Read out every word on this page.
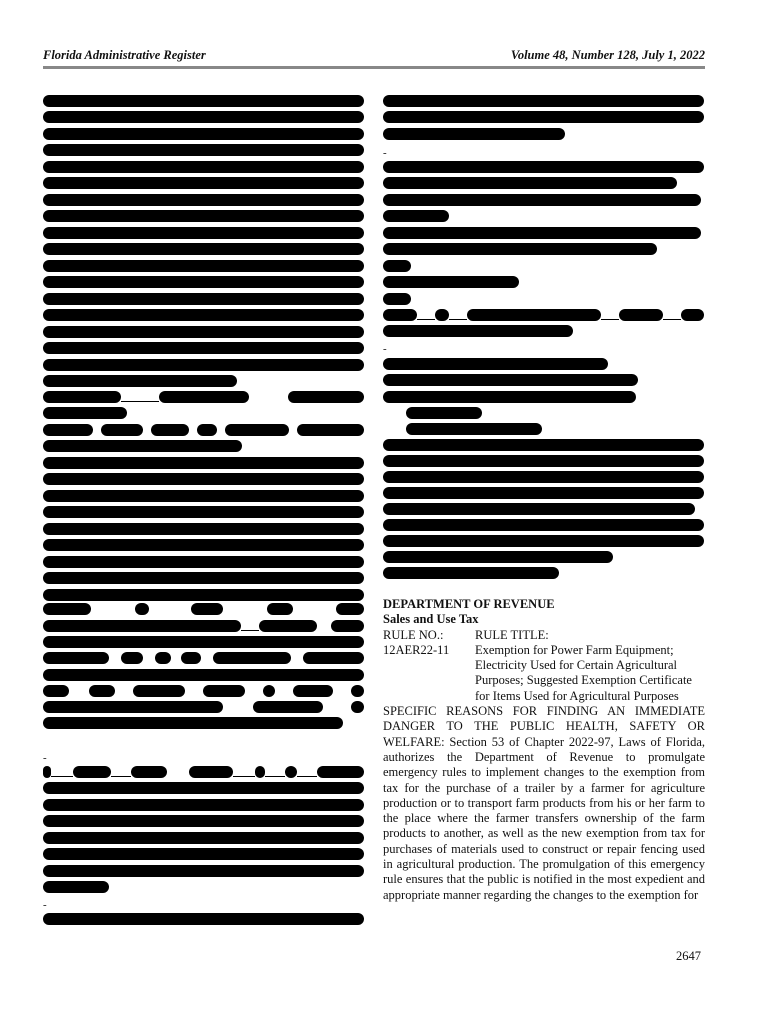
Florida Administrative Register	Volume 48, Number 128, July 1, 2022
-
-
-
-
DEPARTMENT OF REVENUE
Sales and Use Tax
RULE NO.:	RULE TITLE:
12AER22-11	Exemption for Power Farm Equipment; Electricity Used for Certain Agricultural Purposes; Suggested Exemption Certificate for Items Used for Agricultural Purposes
SPECIFIC REASONS FOR FINDING AN IMMEDIATE DANGER TO THE PUBLIC HEALTH, SAFETY OR WELFARE: Section 53 of Chapter 2022-97, Laws of Florida, authorizes the Department of Revenue to promulgate emergency rules to implement changes to the exemption from tax for the purchase of a trailer by a farmer for agriculture production or to transport farm products from his or her farm to the place where the farmer transfers ownership of the farm products to another, as well as the new exemption from tax for purchases of materials used to construct or repair fencing used in agricultural production. The promulgation of this emergency rule ensures that the public is notified in the most expedient and appropriate manner regarding the changes to the exemption for
2647
